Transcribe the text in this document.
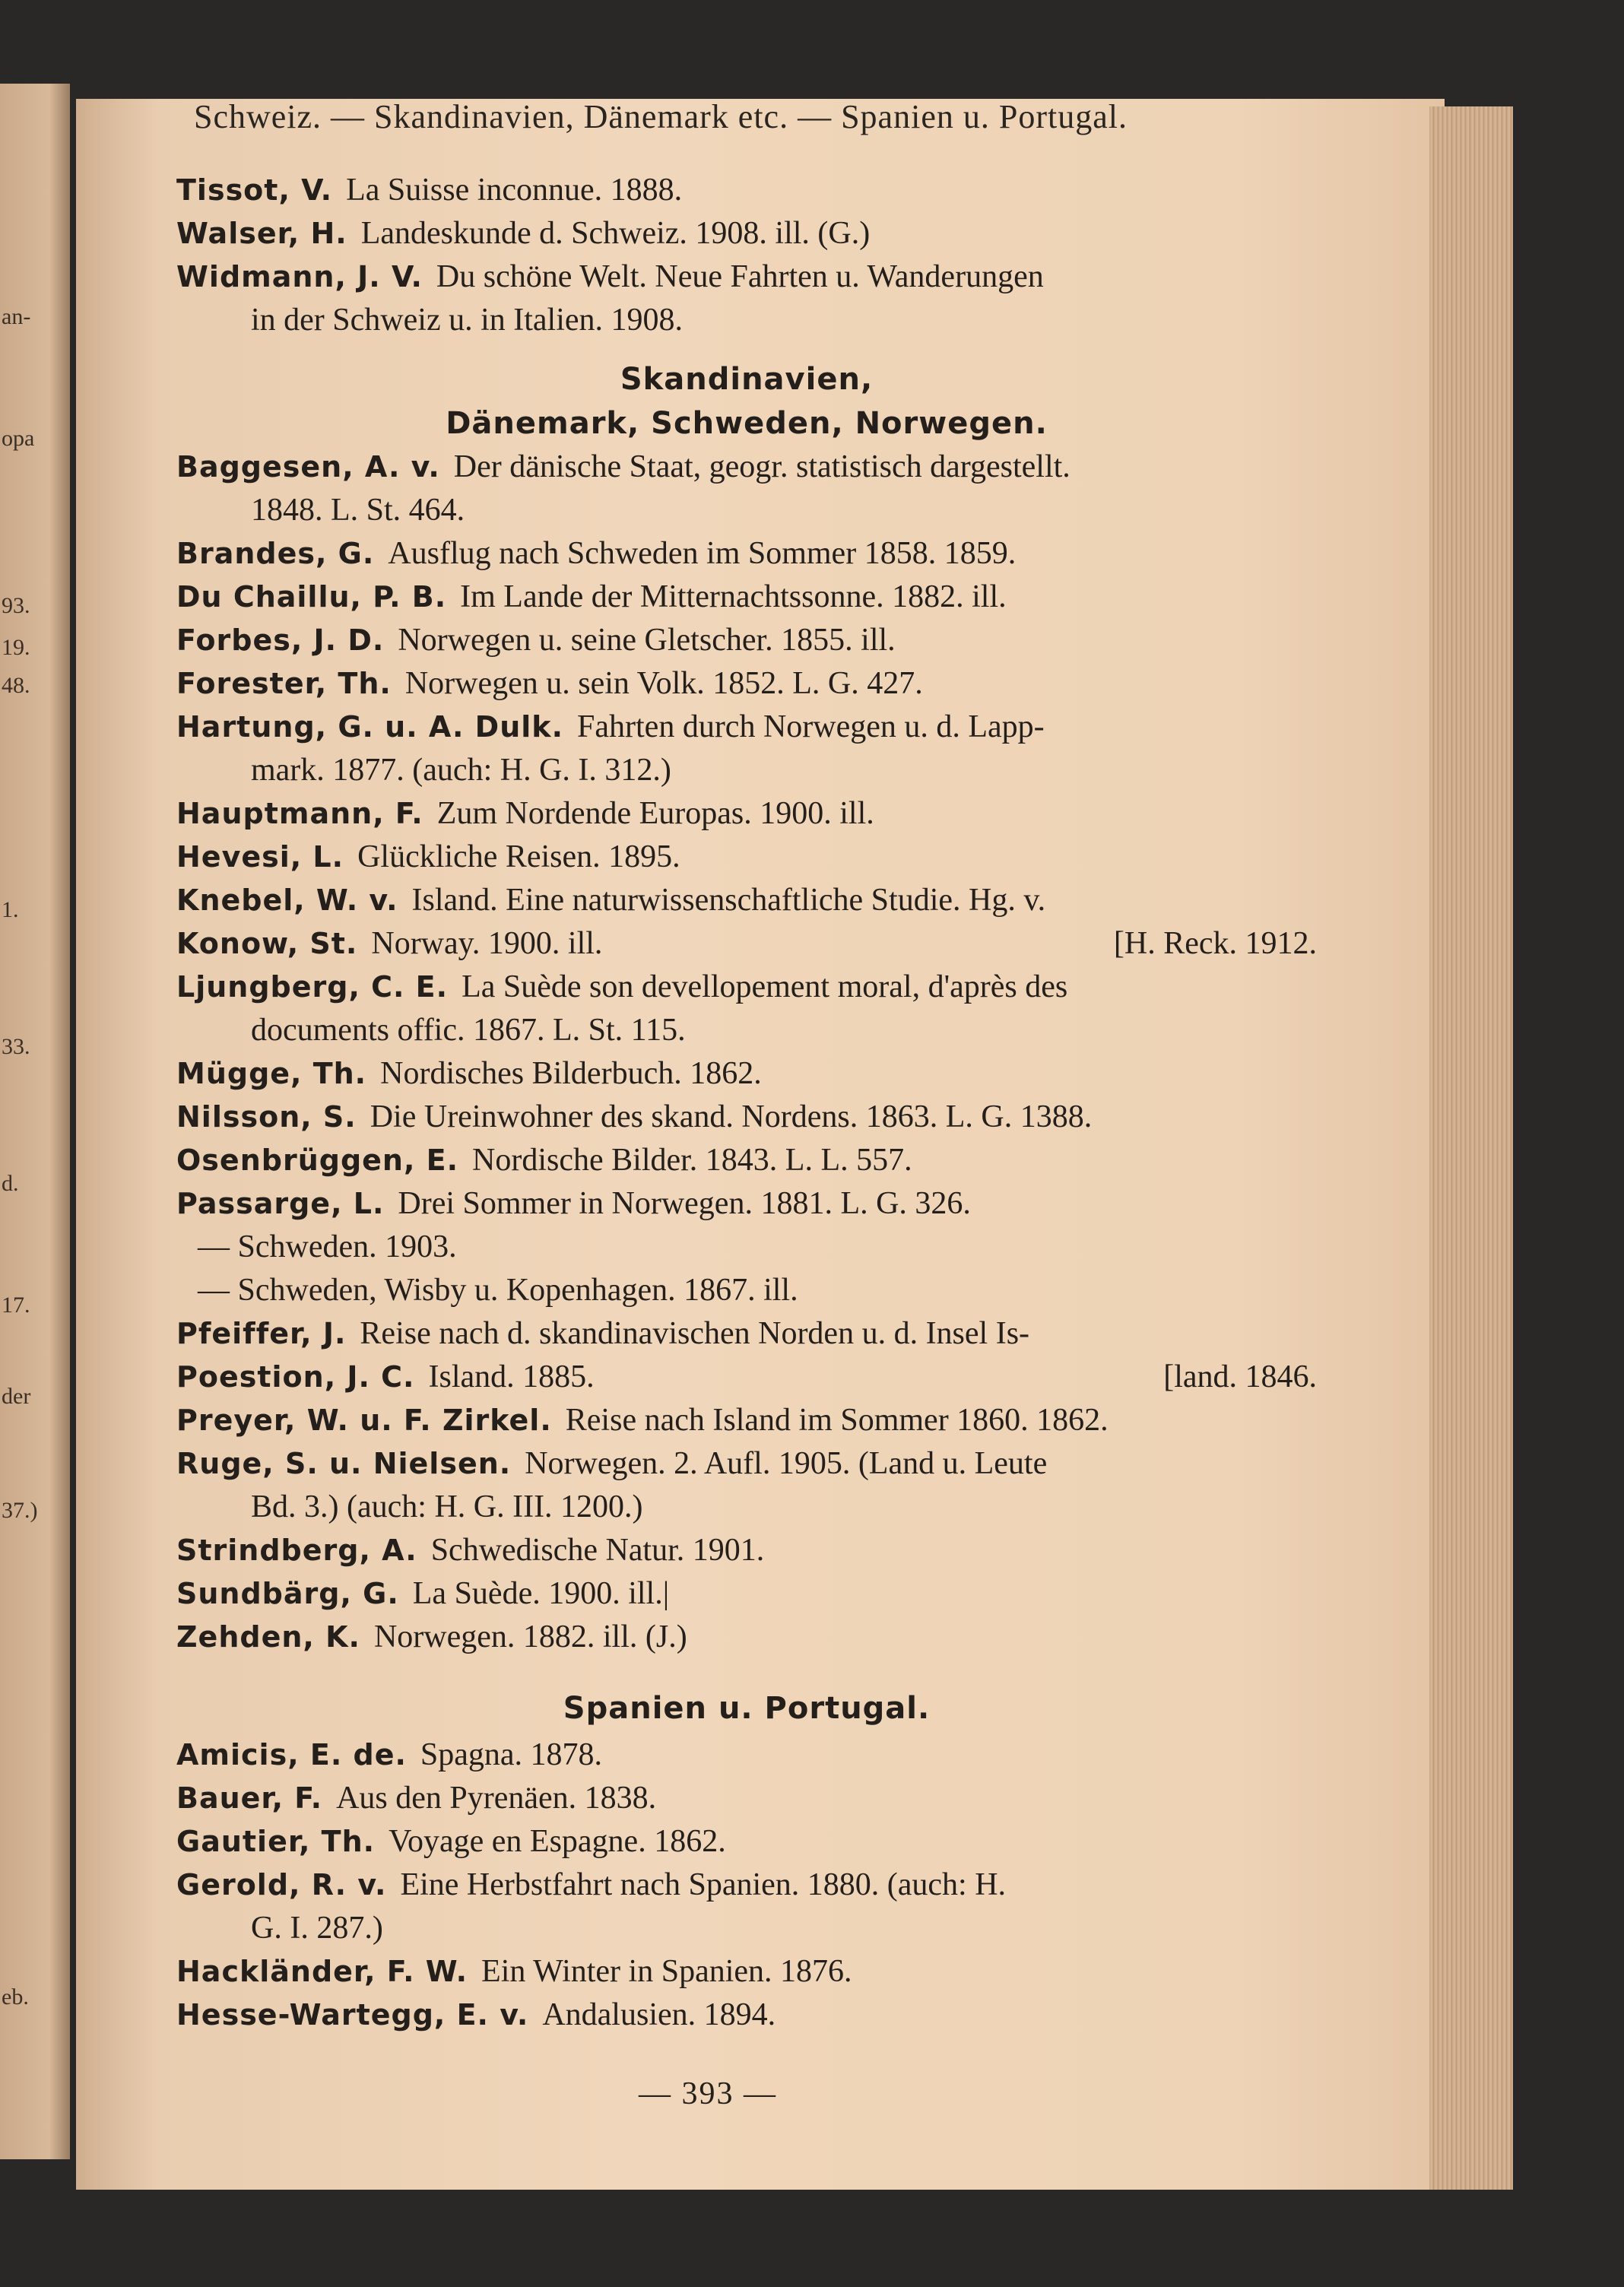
an-
opa
93.
19.
48.
1.
33.
d.
17.
der
37.)
eb.
Schweiz. — Skandinavien, Dänemark etc. — Spanien u. Portugal.
Tissot, V. La Suisse inconnue. 1888.
Walser, H. Landeskunde d. Schweiz. 1908. ill. (G.)
Widmann, J. V. Du schöne Welt. Neue Fahrten u. Wanderungen
in der Schweiz u. in Italien. 1908.
Skandinavien,
Dänemark, Schweden, Norwegen.
Baggesen, A. v. Der dänische Staat, geogr. statistisch dargestellt.
1848. L. St. 464.
Brandes, G. Ausflug nach Schweden im Sommer 1858. 1859.
Du Chaillu, P. B. Im Lande der Mitternachtssonne. 1882. ill.
Forbes, J. D. Norwegen u. seine Gletscher. 1855. ill.
Forester, Th. Norwegen u. sein Volk. 1852. L. G. 427.
Hartung, G. u. A. Dulk. Fahrten durch Norwegen u. d. Lapp-
mark. 1877. (auch: H. G. I. 312.)
Hauptmann, F. Zum Nordende Europas. 1900. ill.
Hevesi, L. Glückliche Reisen. 1895.
Knebel, W. v. Island. Eine naturwissenschaftliche Studie. Hg. v.
Konow, St. Norway. 1900. ill.	[H. Reck. 1912.
Ljungberg, C. E. La Suède son devellopement moral, d'après des
documents offic. 1867. L. St. 115.
Mügge, Th. Nordisches Bilderbuch. 1862.
Nilsson, S. Die Ureinwohner des skand. Nordens. 1863. L. G. 1388.
Osenbrüggen, E. Nordische Bilder. 1843. L. L. 557.
Passarge, L. Drei Sommer in Norwegen. 1881. L. G. 326.
— Schweden. 1903.
— Schweden, Wisby u. Kopenhagen. 1867. ill.
Pfeiffer, J. Reise nach d. skandinavischen Norden u. d. Insel Is-
Poestion, J. C. Island. 1885.	[land. 1846.
Preyer, W. u. F. Zirkel. Reise nach Island im Sommer 1860. 1862.
Ruge, S. u. Nielsen. Norwegen. 2. Aufl. 1905. (Land u. Leute
Bd. 3.) (auch: H. G. III. 1200.)
Strindberg, A. Schwedische Natur. 1901.
Sundbärg, G. La Suède. 1900. ill.|
Zehden, K. Norwegen. 1882. ill. (J.)
Spanien u. Portugal.
Amicis, E. de. Spagna. 1878.
Bauer, F. Aus den Pyrenäen. 1838.
Gautier, Th. Voyage en Espagne. 1862.
Gerold, R. v. Eine Herbstfahrt nach Spanien. 1880. (auch: H.
G. I. 287.)
Hackländer, F. W. Ein Winter in Spanien. 1876.
Hesse-Wartegg, E. v. Andalusien. 1894.
— 393 —
